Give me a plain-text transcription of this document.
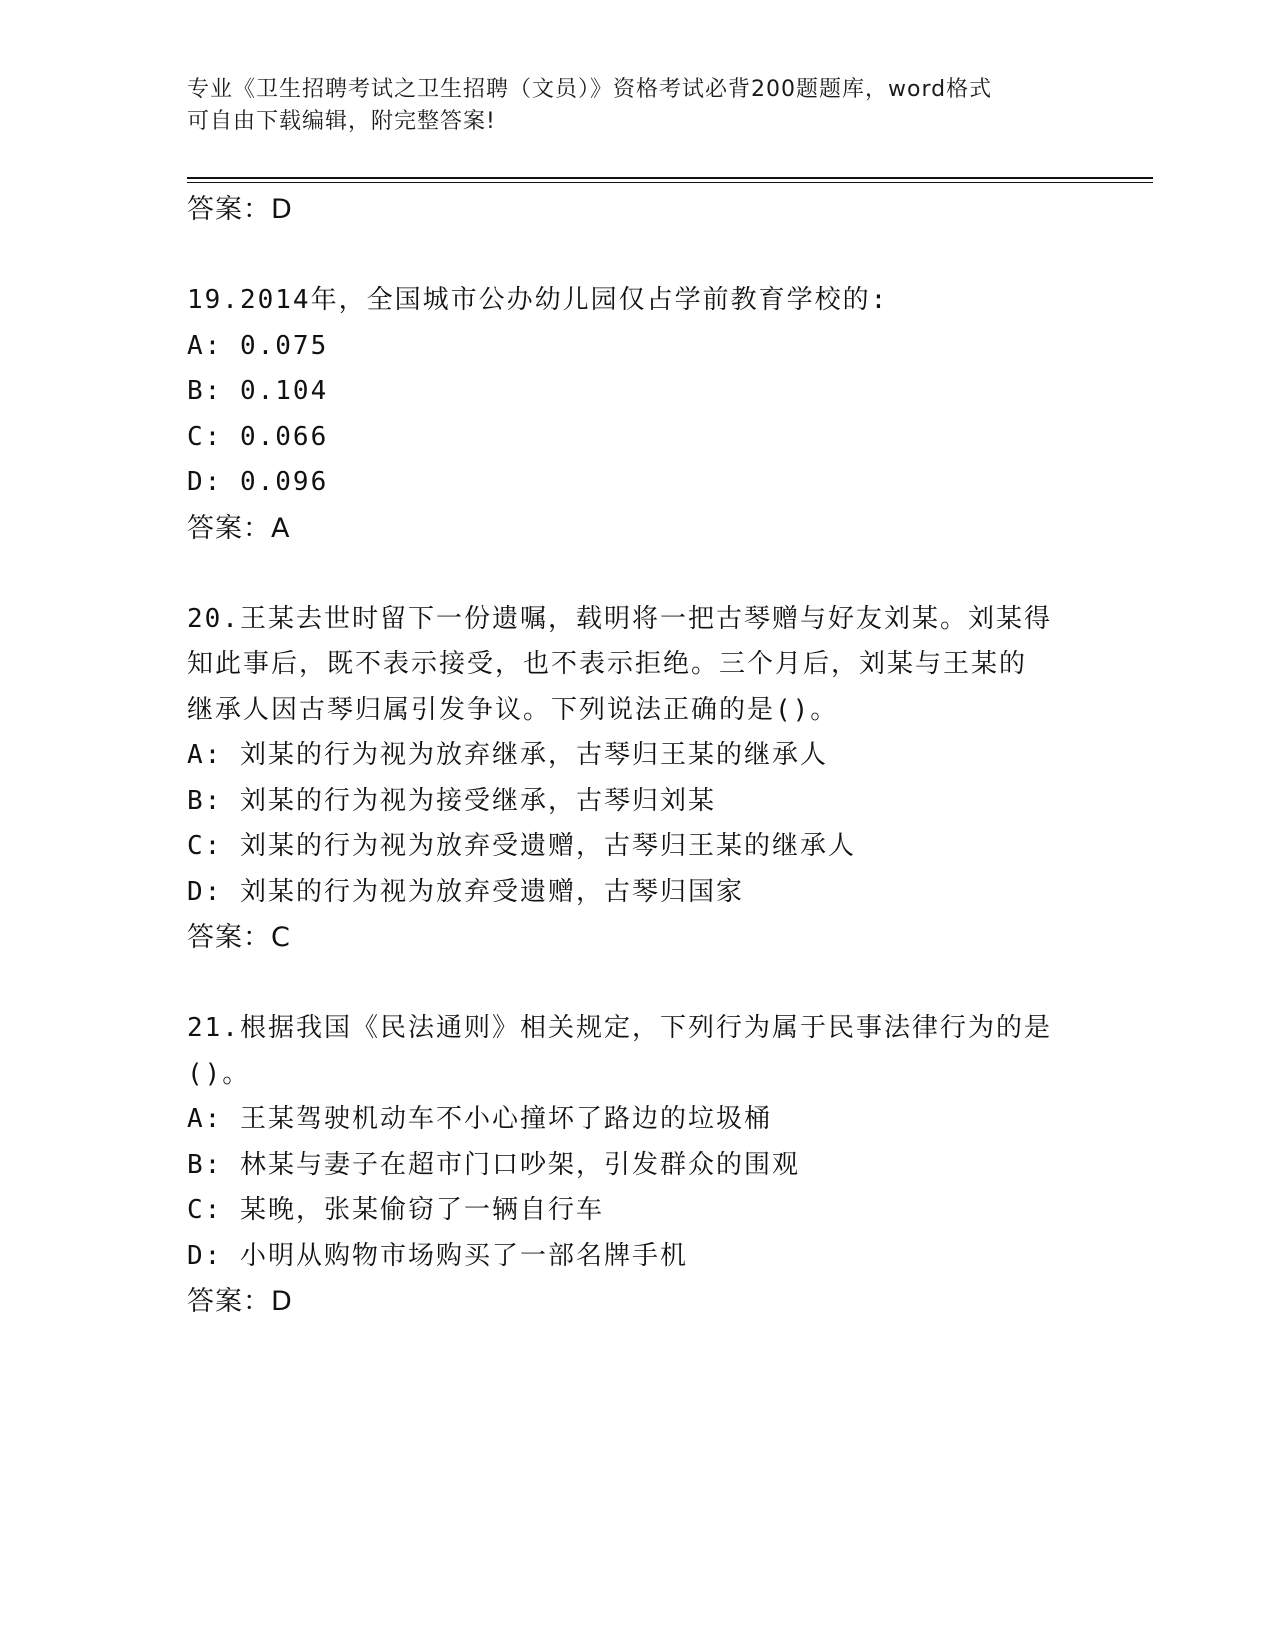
专业《卫生招聘考试之卫生招聘（文员）》资格考试必背200题题库，word格式
可自由下载编辑，附完整答案!
答案：D
19.2014年，全国城市公办幼儿园仅占学前教育学校的:
A: 0.075
B: 0.104
C: 0.066
D: 0.096
答案：A
20.王某去世时留下一份遗嘱，载明将一把古琴赠与好友刘某。刘某得
知此事后，既不表示接受，也不表示拒绝。三个月后，刘某与王某的
继承人因古琴归属引发争议。下列说法正确的是()。
A: 刘某的行为视为放弃继承，古琴归王某的继承人
B: 刘某的行为视为接受继承，古琴归刘某
C: 刘某的行为视为放弃受遗赠，古琴归王某的继承人
D: 刘某的行为视为放弃受遗赠，古琴归国家
答案：C
21.根据我国《民法通则》相关规定，下列行为属于民事法律行为的是
()。
A: 王某驾驶机动车不小心撞坏了路边的垃圾桶
B: 林某与妻子在超市门口吵架，引发群众的围观
C: 某晚，张某偷窃了一辆自行车
D: 小明从购物市场购买了一部名牌手机
答案：D
